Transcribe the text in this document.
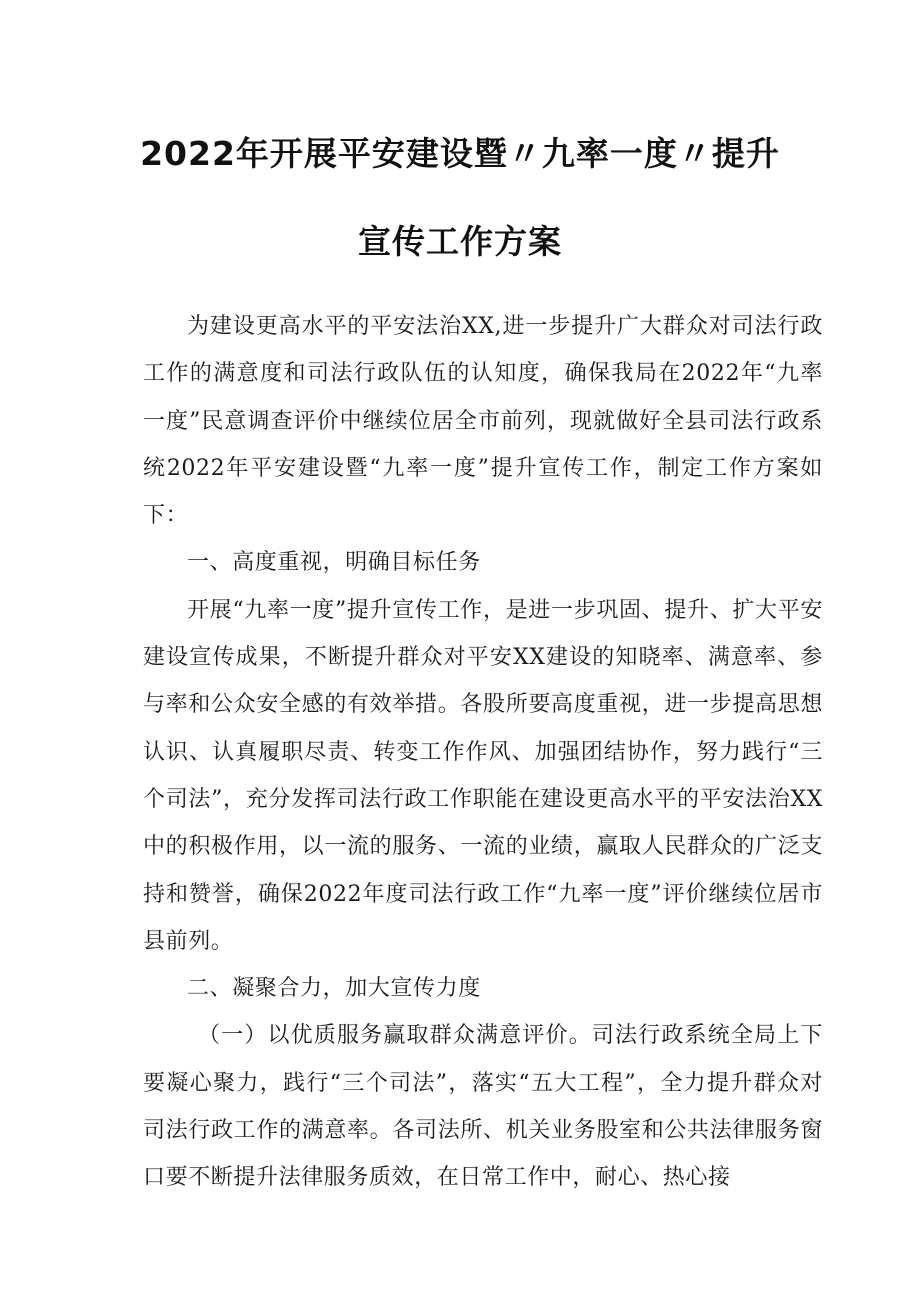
2022年开展平安建设暨〃九率一度〃提升
宣传工作方案

为建设更高水平的平安法治XX,进一步提升广大群众对司法行政工作的满意度和司法行政队伍的认知度，确保我局在2022年“九率一度”民意调查评价中继续位居全市前列，现就做好全县司法行政系统2022年平安建设暨“九率一度”提升宣传工作，制定工作方案如下：

一、高度重视，明确目标任务

开展“九率一度”提升宣传工作，是进一步巩固、提升、扩大平安建设宣传成果，不断提升群众对平安XX建设的知晓率、满意率、参与率和公众安全感的有效举措。各股所要高度重视，进一步提高思想认识、认真履职尽责、转变工作作风、加强团结协作，努力践行“三个司法”，充分发挥司法行政工作职能在建设更高水平的平安法治XX中的积极作用，以一流的服务、一流的业绩，赢取人民群众的广泛支持和赞誉，确保2022年度司法行政工作“九率一度”评价继续位居市县前列。

二、凝聚合力，加大宣传力度

（一）以优质服务赢取群众满意评价。司法行政系统全局上下要凝心聚力，践行“三个司法”，落实“五大工程”，全力提升群众对司法行政工作的满意率。各司法所、机关业务股室和公共法律服务窗口要不断提升法律服务质效，在日常工作中，耐心、热心接
